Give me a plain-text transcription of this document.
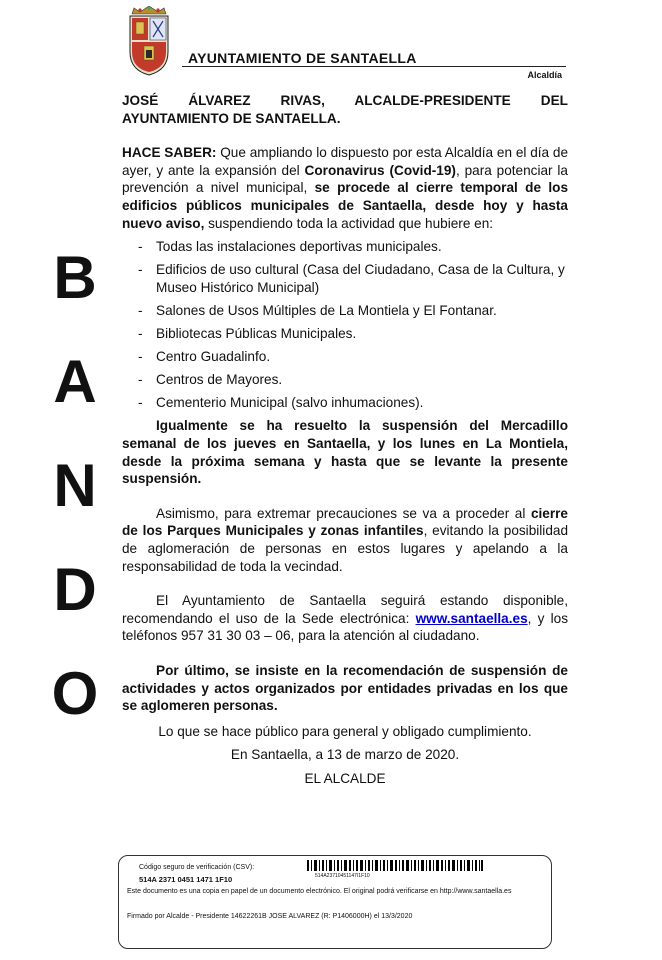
AYUNTAMIENTO DE SANTAELLA
Alcaldía
B
A
N
D
O

JOSÉ ÁLVAREZ RIVAS, ALCALDE-PRESIDENTE DEL AYUNTAMIENTO DE SANTAELLA.

HACE SABER: Que ampliando lo dispuesto por esta Alcaldía en el día de ayer, y ante la expansión del Coronavirus (Covid-19), para potenciar la prevención a nivel municipal, se procede al cierre temporal de los edificios públicos municipales de Santaella, desde hoy y hasta nuevo aviso, suspendiendo toda la actividad que hubiere en:

- Todas las instalaciones deportivas municipales.
- Edificios de uso cultural (Casa del Ciudadano, Casa de la Cultura, y Museo Histórico Municipal)
- Salones de Usos Múltiples de La Montiela y El Fontanar.
- Bibliotecas Públicas Municipales.
- Centro Guadalinfo.
- Centros de Mayores.
- Cementerio Municipal (salvo inhumaciones).

Igualmente se ha resuelto la suspensión del Mercadillo semanal de los jueves en Santaella, y los lunes en La Montiela, desde la próxima semana y hasta que se levante la presente suspensión.

Asimismo, para extremar precauciones se va a proceder al cierre de los Parques Municipales y zonas infantiles, evitando la posibilidad de aglomeración de personas en estos lugares y apelando a la responsabilidad de toda la vecindad.

El Ayuntamiento de Santaella seguirá estando disponible, recomendando el uso de la Sede electrónica: www.santaella.es, y los teléfonos 957 31 30 03 – 06, para la atención al ciudadano.

Por último, se insiste en la recomendación de suspensión de actividades y actos organizados por entidades privadas en los que se aglomeren personas.

Lo que se hace público para general y obligado cumplimiento.

En Santaella, a 13 de marzo de 2020.

EL ALCALDE

Código seguro de verificación (CSV):
514A 2371 0451 1471 1F10	514A23710451147I1F10
Este documento es una copia en papel de un documento electrónico. El original podrá verificarse en http://www.santaella.es
Firmado por Alcalde - Presidente 14622261B JOSE ALVAREZ (R: P1406000H) el 13/3/2020
